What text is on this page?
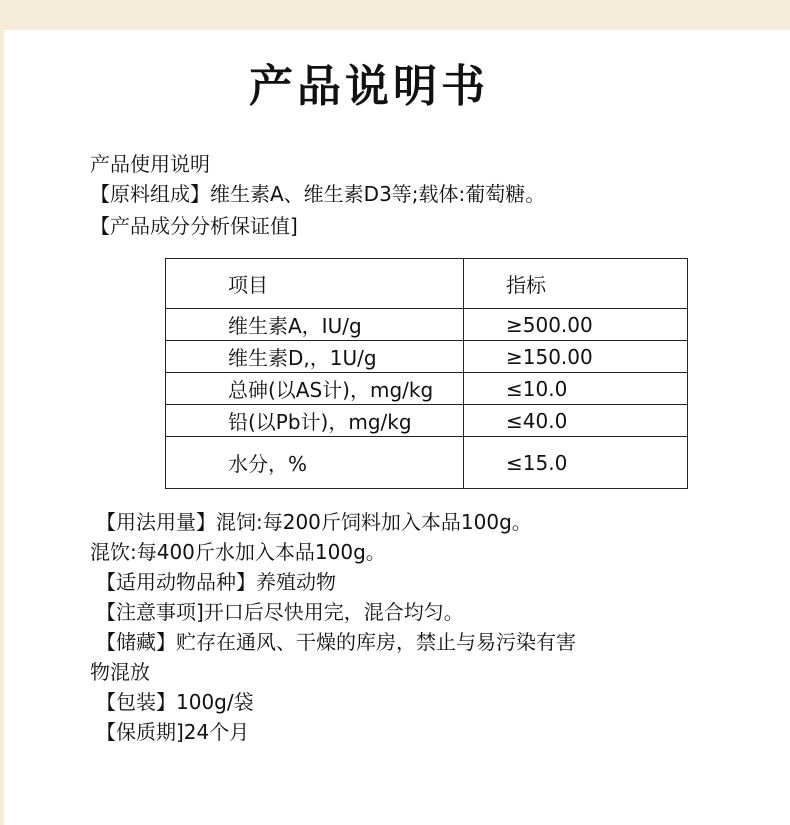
产品说明书
产品使用说明
【原料组成】维生素A、维生素D3等;载体:葡萄糖。
【产品成分分析保证值]
项目	指标
维生素A，IU/g	≥500.00
维生素D,，1U/g	≥150.00
总砷(以AS计)，mg/kg	≤10.0
铅(以Pb计)，mg/kg	≤40.0
水分，%	≤15.0
【用法用量】混饲:每200斤饲料加入本品100g。
混饮:每400斤水加入本品100g。
【适用动物品种】养殖动物
【注意事项]开口后尽快用完，混合均匀。
【储藏】贮存在通风、干燥的库房，禁止与易污染有害
物混放
【包装】100g/袋
【保质期]24个月
